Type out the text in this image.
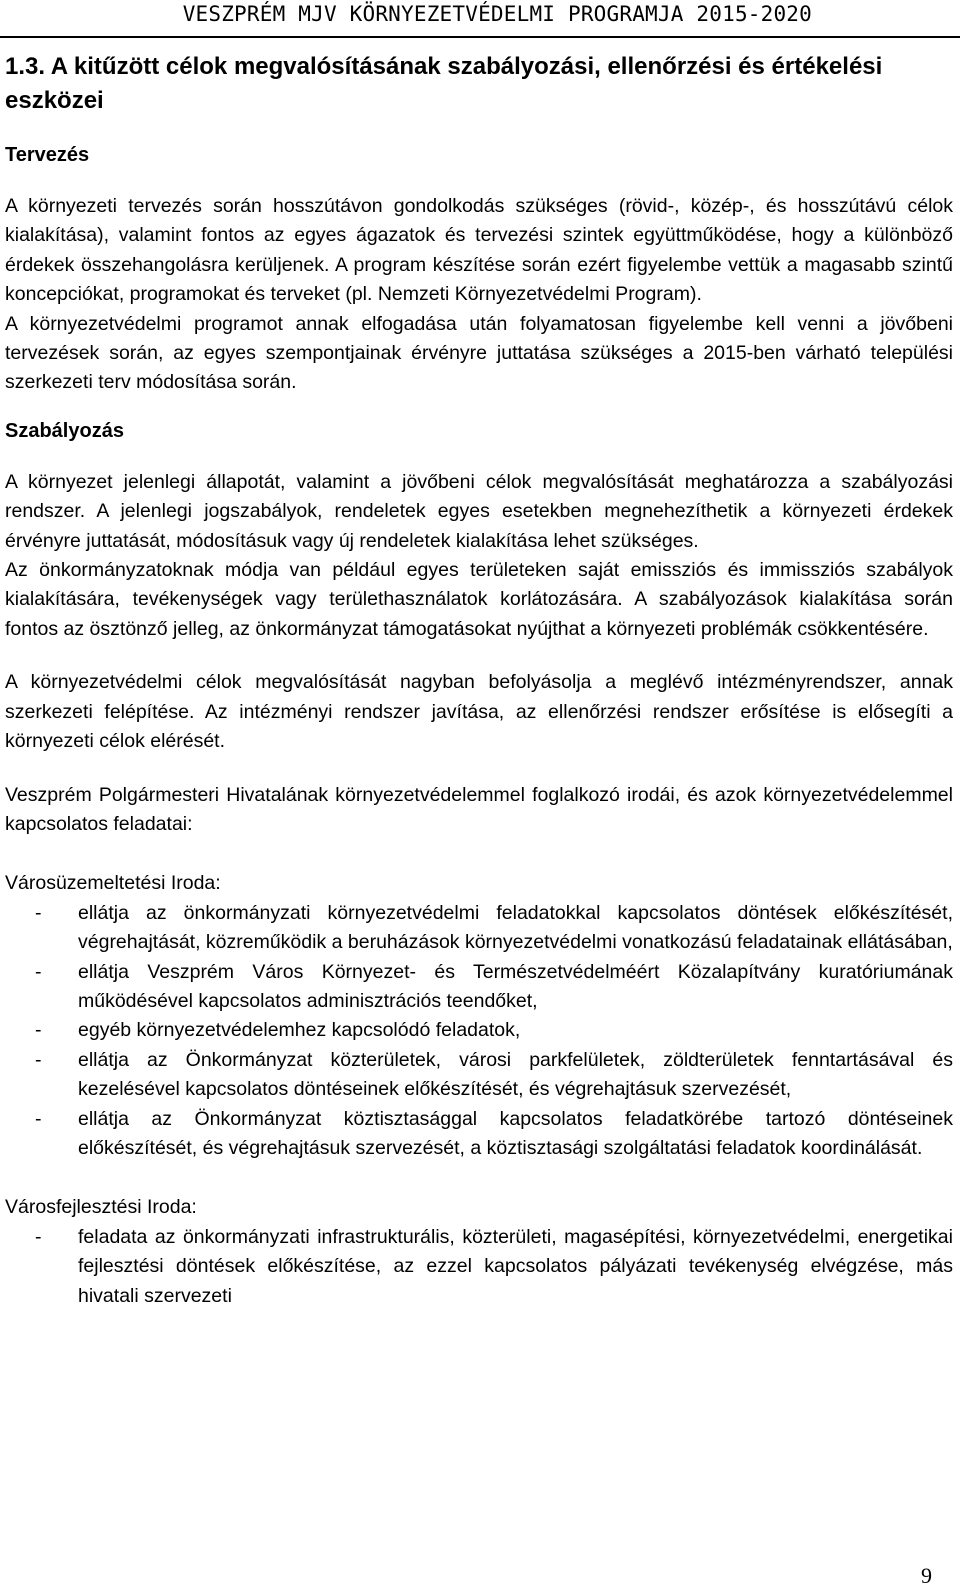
VESZPRÉM MJV KÖRNYEZETVÉDELMI PROGRAMJA 2015-2020
1.3. A kitűzött célok megvalósításának szabályozási, ellenőrzési és értékelési eszközei
Tervezés

A környezeti tervezés során hosszútávon gondolkodás szükséges (rövid-, közép-, és hosszútávú célok kialakítása), valamint fontos az egyes ágazatok és tervezési szintek együttműködése, hogy a különböző érdekek összehangolásra kerüljenek. A program készítése során ezért figyelembe vettük a magasabb szintű koncepciókat, programokat és terveket (pl. Nemzeti Környezetvédelmi Program).

A környezetvédelmi programot annak elfogadása után folyamatosan figyelembe kell venni a jövőbeni tervezések során, az egyes szempontjainak érvényre juttatása szükséges a 2015-ben várható települési szerkezeti terv módosítása során.

Szabályozás

A környezet jelenlegi állapotát, valamint a jövőbeni célok megvalósítását meghatározza a szabályozási rendszer. A jelenlegi jogszabályok, rendeletek egyes esetekben megnehezíthetik a környezeti érdekek érvényre juttatását, módosításuk vagy új rendeletek kialakítása lehet szükséges.

Az önkormányzatoknak módja van például egyes területeken saját emissziós és immissziós szabályok kialakítására, tevékenységek vagy területhasználatok korlátozására. A szabályozások kialakítása során fontos az ösztönző jelleg, az önkormányzat támogatásokat nyújthat a környezeti problémák csökkentésére.

A környezetvédelmi célok megvalósítását nagyban befolyásolja a meglévő intézményrendszer, annak szerkezeti felépítése. Az intézményi rendszer javítása, az ellenőrzési rendszer erősítése is elősegíti a környezeti célok elérését.

Veszprém Polgármesteri Hivatalának környezetvédelemmel foglalkozó irodái, és azok környezetvédelemmel kapcsolatos feladatai:

Városüzemeltetési Iroda:
- ellátja az önkormányzati környezetvédelmi feladatokkal kapcsolatos döntések előkészítését, végrehajtását, közreműködik a beruházások környezetvédelmi vonatkozású feladatainak ellátásában,
- ellátja Veszprém Város Környezet- és Természetvédelméért Közalapítvány kuratóriumának működésével kapcsolatos adminisztrációs teendőket,
- egyéb környezetvédelemhez kapcsolódó feladatok,
- ellátja az Önkormányzat közterületek, városi parkfelületek, zöldterületek fenntartásával és kezelésével kapcsolatos döntéseinek előkészítését, és végrehajtásuk szervezését,
- ellátja az Önkormányzat köztisztasággal kapcsolatos feladatkörébe tartozó döntéseinek előkészítését, és végrehajtásuk szervezését, a köztisztasági szolgáltatási feladatok koordinálását.
Városfejlesztési Iroda:
- feladata az önkormányzati infrastrukturális, közterületi, magasépítési, környezetvédelmi, energetikai fejlesztési döntések előkészítése, az ezzel kapcsolatos pályázati tevékenység elvégzése, más hivatali szervezeti
9
